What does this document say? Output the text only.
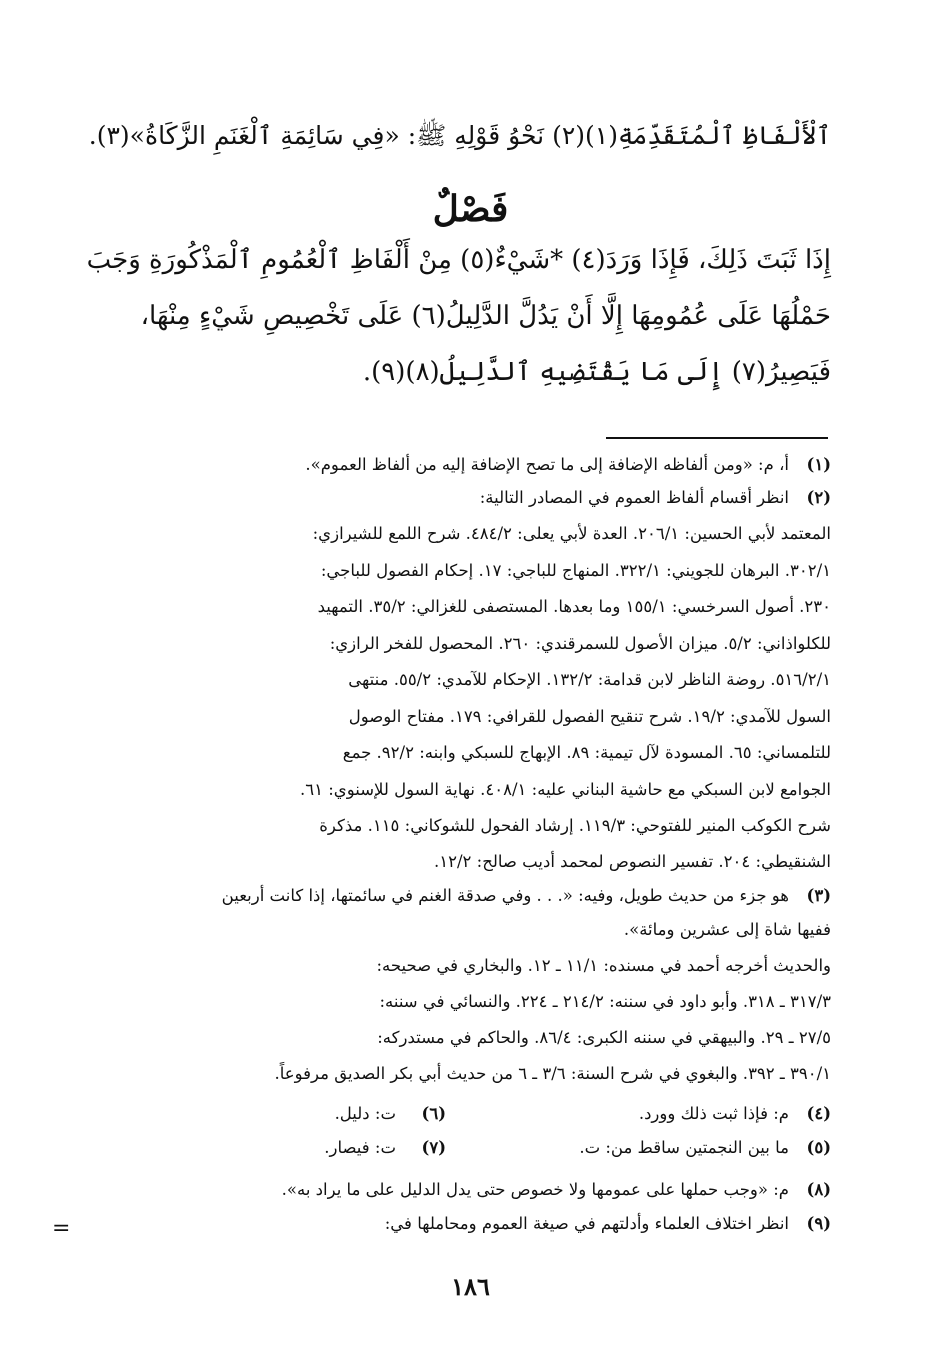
ٱلْأَلْفَاظِ ٱلْمُتَقَدِّمَةِ(١)(٢) نَحْوُ قَوْلِهِ ﷺ: «فِي سَائِمَةِ ٱلْغَنَمِ الزَّكَاةُ»(٣).
فَصْلٌ
إِذَا ثَبَتَ ذَلِكَ، فَإِذَا وَرَدَ(٤) *شَيْءٌ(٥) مِنْ أَلْفَاظِ ٱلْعُمُومِ ٱلْمَذْكُورَةِ وَجَبَ
حَمْلُهَا عَلَى عُمُومِهَا إِلَّا أَنْ يَدُلَّ الدَّلِيلُ(٦) عَلَى تَخْصِيصِ شَيْءٍ مِنْهَا،
فَيَصِيرُ(٧) إِلَى مَا يَقْتَضِيهِ ٱلدَّلِيلُ(٨)(٩).
(١)
أ، م: «ومن ألفاظه الإضافة إلى ما تصح الإضافة إليه من ألفاظ العموم».
(٢)
انظر أقسام ألفاظ العموم في المصادر التالية:
المعتمد لأبي الحسين: ٢٠٦/١. العدة لأبي يعلى: ٤٨٤/٢. شرح اللمع للشيرازي:
٣٠٢/١. البرهان للجويني: ٣٢٢/١. المنهاج للباجي: ١٧. إحكام الفصول للباجي:
٢٣٠. أصول السرخسي: ١٥٥/١ وما بعدها. المستصفى للغزالي: ٣٥/٢. التمهيد
للكلواذاني: ٥/٢. ميزان الأصول للسمرقندي: ٢٦٠. المحصول للفخر الرازي:
٥١٦/٢/١. روضة الناظر لابن قدامة: ١٣٢/٢. الإحكام للآمدي: ٥٥/٢. منتهى
السول للآمدي: ١٩/٢. شرح تنقيح الفصول للقرافي: ١٧٩. مفتاح الوصول
للتلمساني: ٦٥. المسودة لآل تيمية: ٨٩. الإبهاج للسبكي وابنه: ٩٢/٢. جمع
الجوامع لابن السبكي مع حاشية البناني عليه: ٤٠٨/١. نهاية السول للإسنوي: ٦١.
شرح الكوكب المنير للفتوحي: ١١٩/٣. إرشاد الفحول للشوكاني: ١١٥. مذكرة
الشنقيطي: ٢٠٤. تفسير النصوص لمحمد أديب صالح: ١٢/٢.
(٣)
هو جزء من حديث طويل، وفيه: «. . . وفي صدقة الغنم في سائمتها، إذا كانت أربعين
ففيها شاة إلى عشرين ومائة».
والحديث أخرجه أحمد في مسنده: ١١/١ ـ ١٢. والبخاري في صحيحه:
٣١٧/٣ ـ ٣١٨. وأبو داود في سننه: ٢١٤/٢ ـ ٢٢٤. والنسائي في سننه:
٢٧/٥ ـ ٢٩. والبيهقي في سننه الكبرى: ٨٦/٤. والحاكم في مستدركه:
٣٩٠/١ ـ ٣٩٢. والبغوي في شرح السنة: ٣/٦ ـ ٦ من حديث أبي بكر الصديق مرفوعاً.
(٤)
م: فإذا ثبت ذلك وورد.
(٦)
ت: دليل.
(٥)
ما بين النجمتين ساقط من: ت.
(٧)
ت: فيصار.
(٨)
م: «وجب حملها على عمومها ولا خصوص حتى يدل الدليل على ما يراد به».
(٩)
انظر اختلاف العلماء وأدلتهم في صيغة العموم ومحاملها في:
=
١٨٦
